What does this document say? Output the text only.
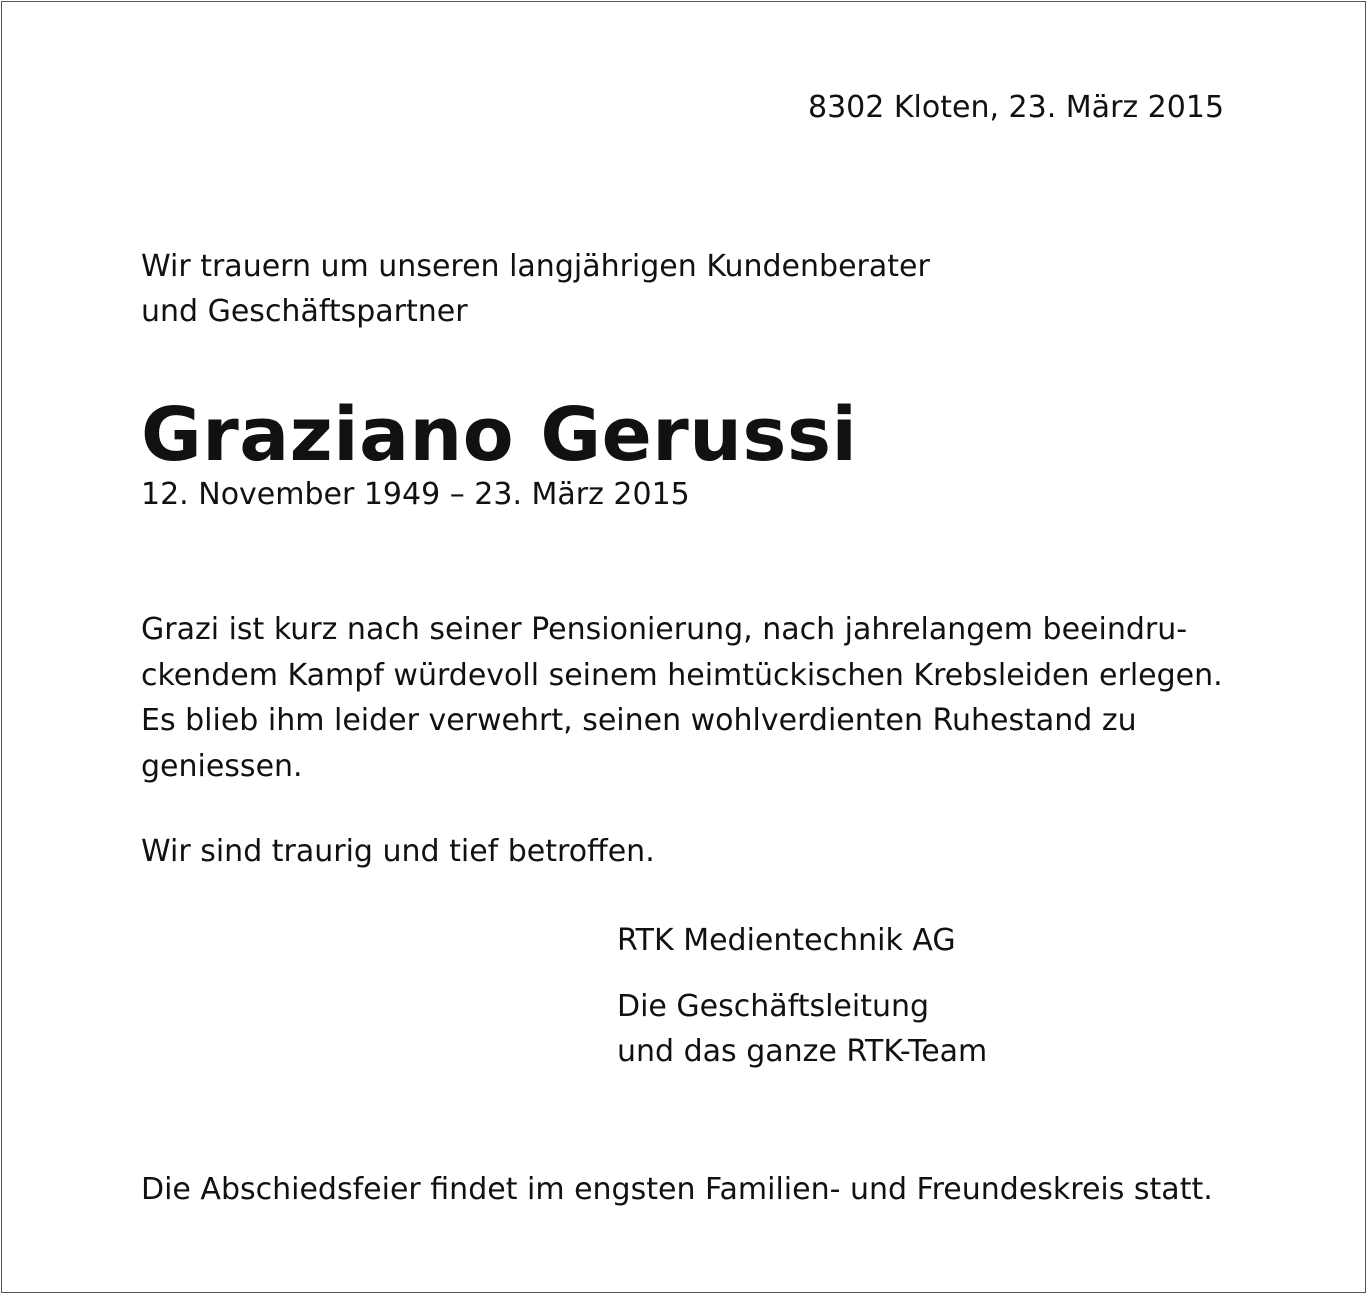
8302 Kloten, 23. März 2015

Wir trauern um unseren langjährigen Kundenberater
und Geschäftspartner

Graziano Gerussi

12. November 1949 – 23. März 2015

Grazi ist kurz nach seiner Pensionierung, nach jahrelangem beeindru-
ckendem Kampf würdevoll seinem heimtückischen Krebsleiden erlegen.
Es blieb ihm leider verwehrt, seinen wohlverdienten Ruhestand zu
geniessen.

Wir sind traurig und tief betroffen.

RTK Medientechnik AG

Die Geschäftsleitung
und das ganze RTK-Team

Die Abschiedsfeier findet im engsten Familien- und Freundeskreis statt.
